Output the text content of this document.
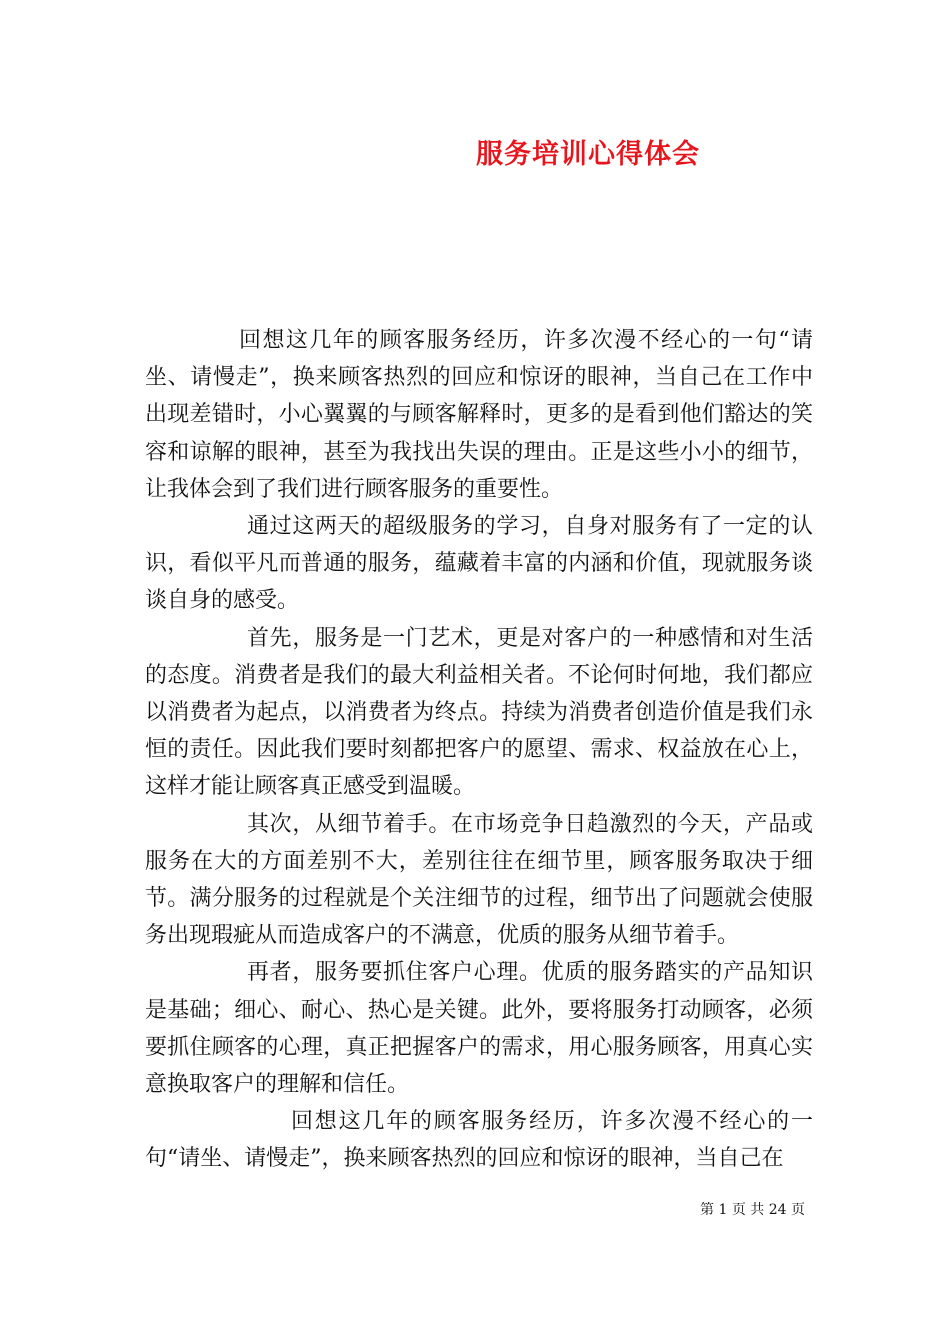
服务培训心得体会

回想这几年的顾客服务经历，许多次漫不经心的一句“请坐、请慢走”，换来顾客热烈的回应和惊讶的眼神，当自己在工作中出现差错时，小心翼翼的与顾客解释时，更多的是看到他们豁达的笑容和谅解的眼神，甚至为我找出失误的理由。正是这些小小的细节，让我体会到了我们进行顾客服务的重要性。

通过这两天的超级服务的学习，自身对服务有了一定的认识，看似平凡而普通的服务，蕴藏着丰富的内涵和价值，现就服务谈谈自身的感受。

首先，服务是一门艺术，更是对客户的一种感情和对生活的态度。消费者是我们的最大利益相关者。不论何时何地，我们都应以消费者为起点，以消费者为终点。持续为消费者创造价值是我们永恒的责任。因此我们要时刻都把客户的愿望、需求、权益放在心上，这样才能让顾客真正感受到温暖。

其次，从细节着手。在市场竞争日趋激烈的今天，产品或服务在大的方面差别不大，差别往往在细节里，顾客服务取决于细节。满分服务的过程就是个关注细节的过程，细节出了问题就会使服务出现瑕疵从而造成客户的不满意，优质的服务从细节着手。

再者，服务要抓住客户心理。优质的服务踏实的产品知识是基础；细心、耐心、热心是关键。此外，要将服务打动顾客，必须要抓住顾客的心理，真正把握客户的需求，用心服务顾客，用真心实意换取客户的理解和信任。

回想这几年的顾客服务经历，许多次漫不经心的一句“请坐、请慢走”，换来顾客热烈的回应和惊讶的眼神，当自己在

第 1 页 共 24 页
